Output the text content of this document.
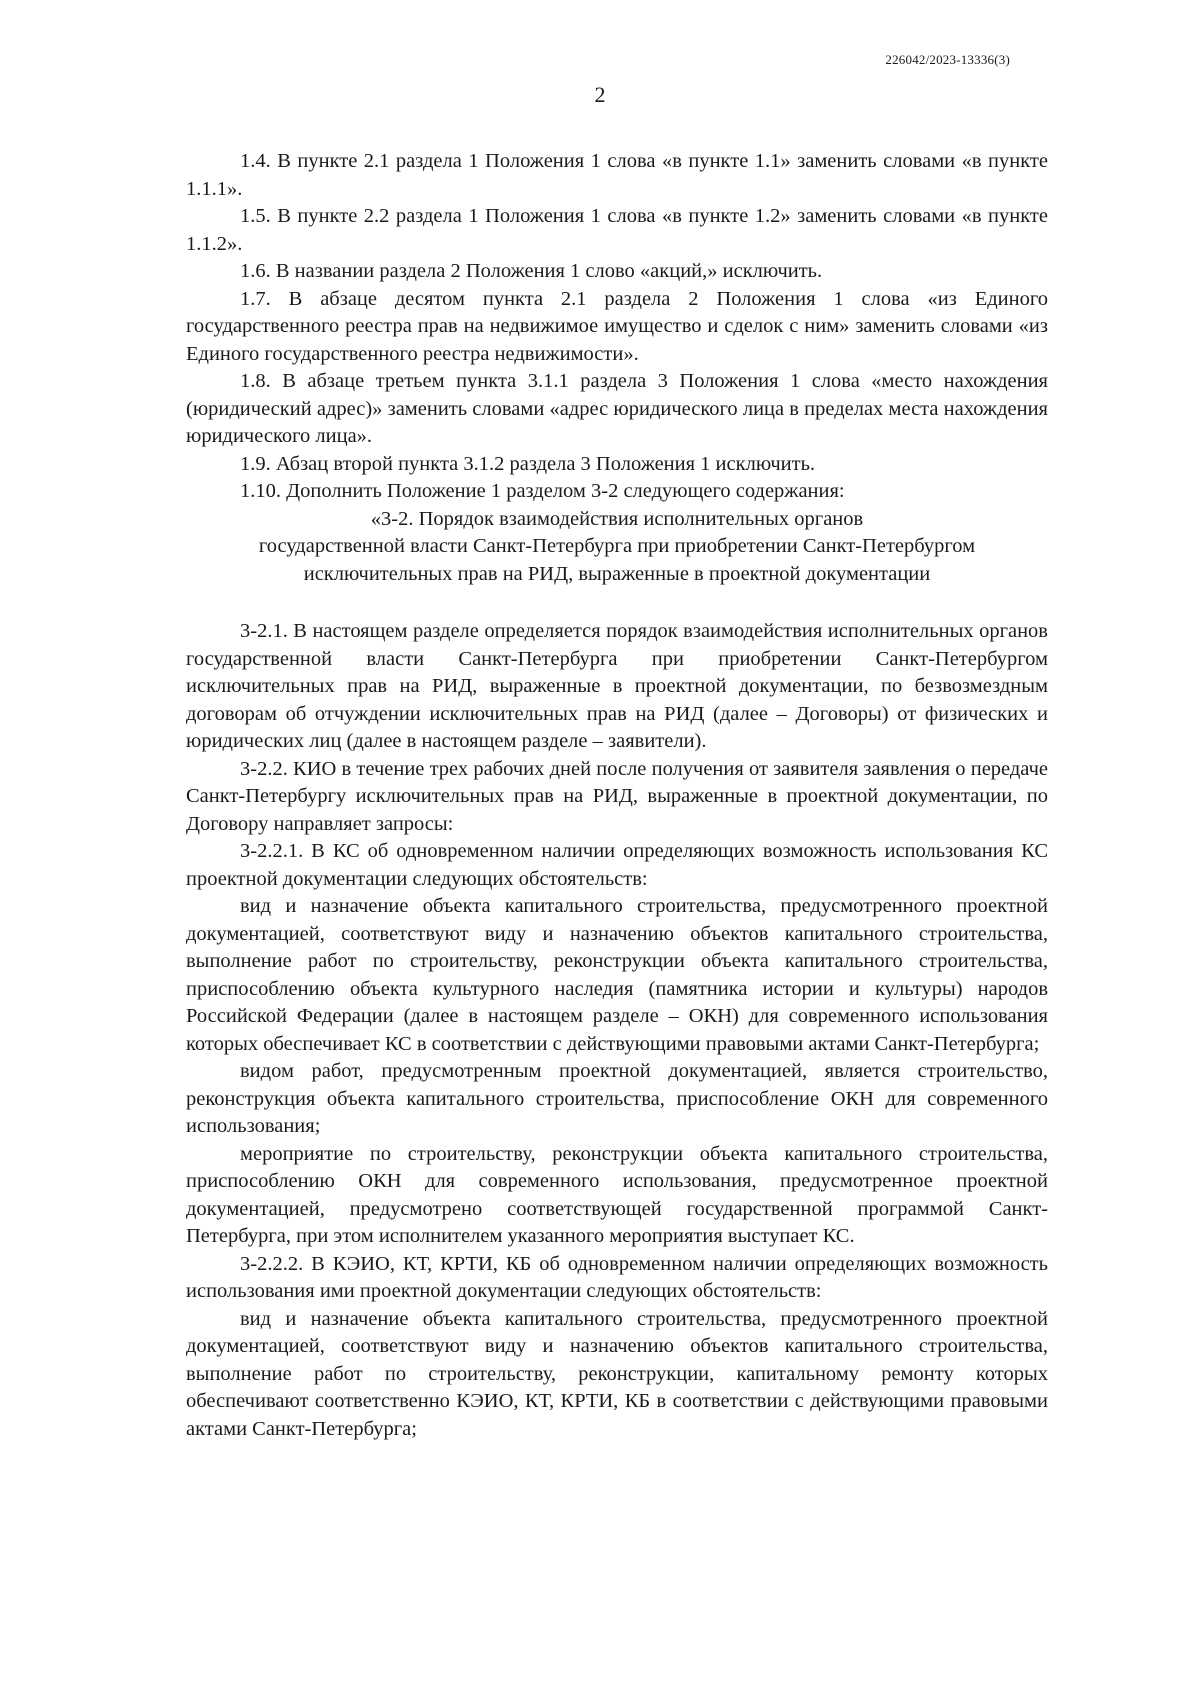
226042/2023-13336(3)
2

1.4. В пункте 2.1 раздела 1 Положения 1 слова «в пункте 1.1» заменить словами «в пункте 1.1.1».

1.5. В пункте 2.2 раздела 1 Положения 1 слова «в пункте 1.2» заменить словами «в пункте 1.1.2».

1.6. В названии раздела 2 Положения 1 слово «акций,» исключить.

1.7. В абзаце десятом пункта 2.1 раздела 2 Положения 1 слова «из Единого государственного реестра прав на недвижимое имущество и сделок с ним» заменить словами «из Единого государственного реестра недвижимости».

1.8. В абзаце третьем пункта 3.1.1 раздела 3 Положения 1 слова «место нахождения (юридический адрес)» заменить словами «адрес юридического лица в пределах места нахождения юридического лица».

1.9. Абзац второй пункта 3.1.2 раздела 3 Положения 1 исключить.

1.10. Дополнить Положение 1 разделом 3-2 следующего содержания:

«3-2. Порядок взаимодействия исполнительных органов
государственной власти Санкт-Петербурга при приобретении Санкт-Петербургом
исключительных прав на РИД, выраженные в проектной документации

3-2.1. В настоящем разделе определяется порядок взаимодействия исполнительных органов государственной власти Санкт-Петербурга при приобретении Санкт-Петербургом исключительных прав на РИД, выраженные в проектной документации, по безвозмездным договорам об отчуждении исключительных прав на РИД (далее – Договоры) от физических и юридических лиц (далее в настоящем разделе – заявители).

3-2.2. КИО в течение трех рабочих дней после получения от заявителя заявления о передаче Санкт-Петербургу исключительных прав на РИД, выраженные в проектной документации, по Договору направляет запросы:

3-2.2.1. В КС об одновременном наличии определяющих возможность использования КС проектной документации следующих обстоятельств:

вид и назначение объекта капитального строительства, предусмотренного проектной документацией, соответствуют виду и назначению объектов капитального строительства, выполнение работ по строительству, реконструкции объекта капитального строительства, приспособлению объекта культурного наследия (памятника истории и культуры) народов Российской Федерации (далее в настоящем разделе – ОКН) для современного использования которых обеспечивает КС в соответствии с действующими правовыми актами Санкт-Петербурга;

видом работ, предусмотренным проектной документацией, является строительство, реконструкция объекта капитального строительства, приспособление ОКН для современного использования;

мероприятие по строительству, реконструкции объекта капитального строительства, приспособлению ОКН для современного использования, предусмотренное проектной документацией, предусмотрено соответствующей государственной программой Санкт-Петербурга, при этом исполнителем указанного мероприятия выступает КС.

3-2.2.2. В КЭИО, КТ, КРТИ, КБ об одновременном наличии определяющих возможность использования ими проектной документации следующих обстоятельств:

вид и назначение объекта капитального строительства, предусмотренного проектной документацией, соответствуют виду и назначению объектов капитального строительства, выполнение работ по строительству, реконструкции, капитальному ремонту которых обеспечивают соответственно КЭИО, КТ, КРТИ, КБ в соответствии с действующими правовыми актами Санкт-Петербурга;
